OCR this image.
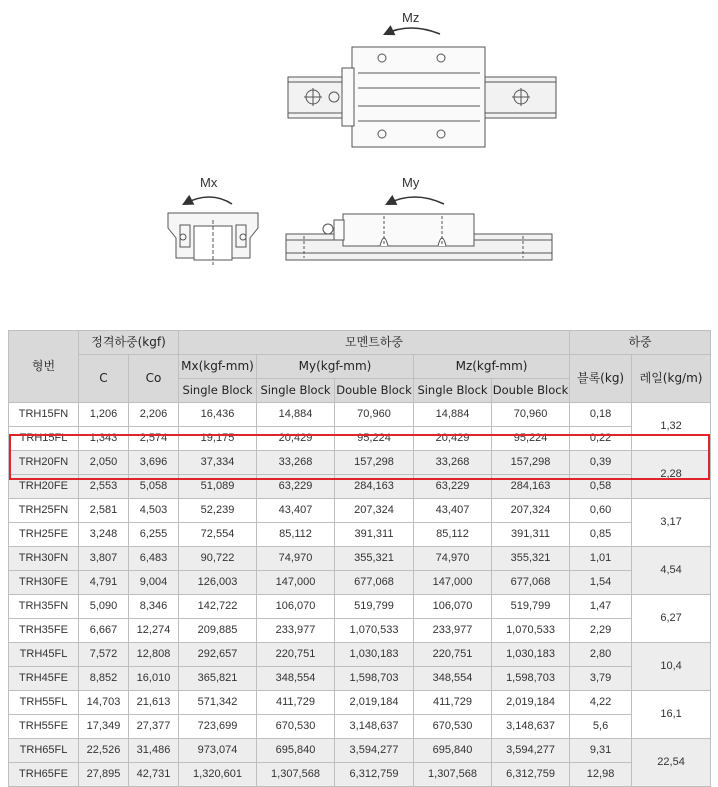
Mz
Mx	My
형번	정격하중(kgf)		모멘트하중					하중	
	C	Co	Mx(kgf-mm)	My(kgf-mm)		Mz(kgf-mm)		블록(kg)	레일(kg/m)
			Single Block	Single Block	Double Block	Single Block	Double Block		
TRH15FN	1,206	2,206	16,436	14,884	70,960	14,884	70,960	0,18	1,32
TRH15FL	1,343	2,574	19,175	20,429	95,224	20,429	95,224	0,22	
TRH20FN	2,050	3,696	37,334	33,268	157,298	33,268	157,298	0,39	2,28
TRH20FE	2,553	5,058	51,089	63,229	284,163	63,229	284,163	0,58	
TRH25FN	2,581	4,503	52,239	43,407	207,324	43,407	207,324	0,60	3,17
TRH25FE	3,248	6,255	72,554	85,112	391,311	85,112	391,311	0,85	
TRH30FN	3,807	6,483	90,722	74,970	355,321	74,970	355,321	1,01	4,54
TRH30FE	4,791	9,004	126,003	147,000	677,068	147,000	677,068	1,54	
TRH35FN	5,090	8,346	142,722	106,070	519,799	106,070	519,799	1,47	6,27
TRH35FE	6,667	12,274	209,885	233,977	1,070,533	233,977	1,070,533	2,29	
TRH45FL	7,572	12,808	292,657	220,751	1,030,183	220,751	1,030,183	2,80	10,4
TRH45FE	8,852	16,010	365,821	348,554	1,598,703	348,554	1,598,703	3,79	
TRH55FL	14,703	21,613	571,342	411,729	2,019,184	411,729	2,019,184	4,22	16,1
TRH55FE	17,349	27,377	723,699	670,530	3,148,637	670,530	3,148,637	5,6	
TRH65FL	22,526	31,486	973,074	695,840	3,594,277	695,840	3,594,277	9,31	22,54
TRH65FE	27,895	42,731	1,320,601	1,307,568	6,312,759	1,307,568	6,312,759	12,98	
